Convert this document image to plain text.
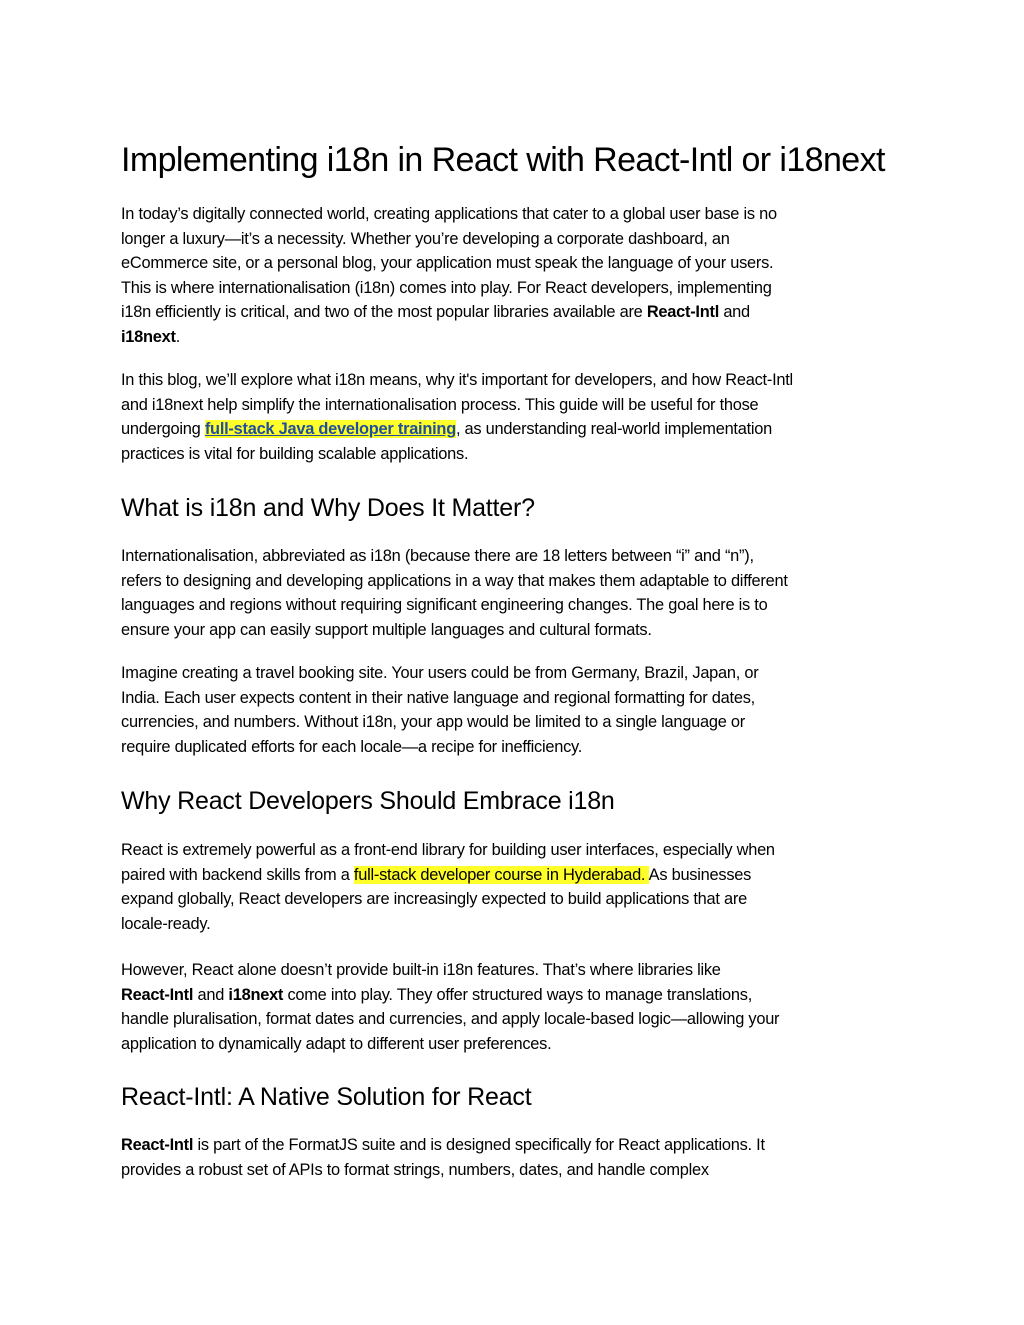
Implementing i18n in React with React-Intl or i18next
In today’s digitally connected world, creating applications that cater to a global user base is no
longer a luxury—it’s a necessity. Whether you’re developing a corporate dashboard, an
eCommerce site, or a personal blog, your application must speak the language of your users.
This is where internationalisation (i18n) comes into play. For React developers, implementing
i18n efficiently is critical, and two of the most popular libraries available are React-Intl and
i18next.
In this blog, we’ll explore what i18n means, why it's important for developers, and how React-Intl
and i18next help simplify the internationalisation process. This guide will be useful for those
undergoing full-stack Java developer training, as understanding real-world implementation
practices is vital for building scalable applications.
What is i18n and Why Does It Matter?
Internationalisation, abbreviated as i18n (because there are 18 letters between “i” and “n”),
refers to designing and developing applications in a way that makes them adaptable to different
languages and regions without requiring significant engineering changes. The goal here is to
ensure your app can easily support multiple languages and cultural formats.
Imagine creating a travel booking site. Your users could be from Germany, Brazil, Japan, or
India. Each user expects content in their native language and regional formatting for dates,
currencies, and numbers. Without i18n, your app would be limited to a single language or
require duplicated efforts for each locale—a recipe for inefficiency.
Why React Developers Should Embrace i18n
React is extremely powerful as a front-end library for building user interfaces, especially when
paired with backend skills from a full-stack developer course in Hyderabad. As businesses
expand globally, React developers are increasingly expected to build applications that are
locale-ready.
However, React alone doesn’t provide built-in i18n features. That’s where libraries like
React-Intl and i18next come into play. They offer structured ways to manage translations,
handle pluralisation, format dates and currencies, and apply locale-based logic—allowing your
application to dynamically adapt to different user preferences.
React-Intl: A Native Solution for React
React-Intl is part of the FormatJS suite and is designed specifically for React applications. It
provides a robust set of APIs to format strings, numbers, dates, and handle complex
